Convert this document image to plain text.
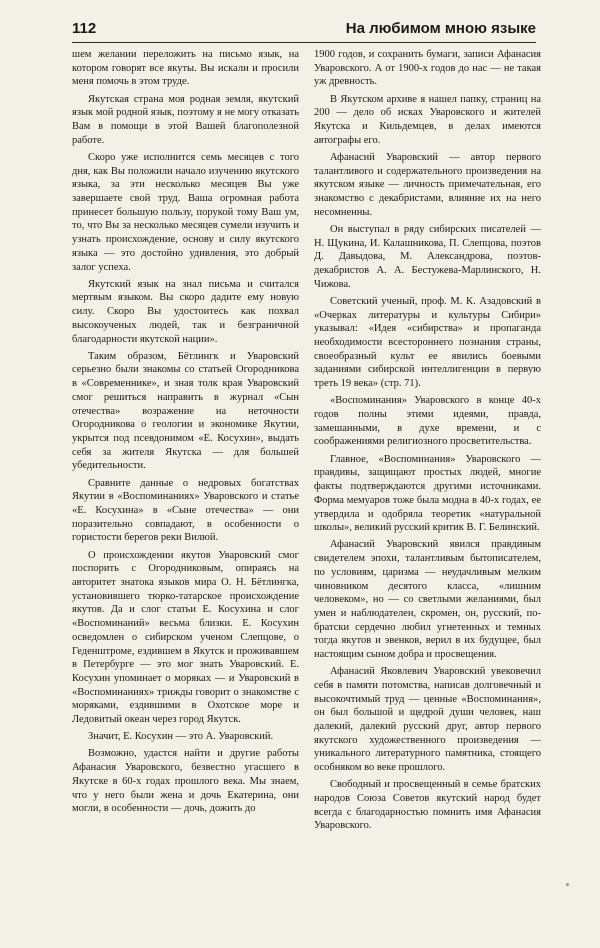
112	На любимом мною языке

шем желании переложить на письмо язык, на котором говорят все якуты. Вы искали и просили меня помочь в этом труде.

Якутская страна моя родная земля, якутский язык мой родной язык, поэтому я не могу отказать Вам в помощи в этой Вашей благополезной работе.

Скоро уже исполнится семь месяцев с того дня, как Вы положили начало изучению якутского языка, за эти несколько месяцев Вы уже завершаете свой труд. Ваша огромная работа принесет большую пользу, порукой тому Ваш ум, то, что Вы за несколько месяцев сумели изучить и узнать происхождение, основу и силу якутского языка — это достойно удивления, это добрый залог успеха.

Якутский язык на знал письма и считался мертвым языком. Вы скоро дадите ему новую силу. Скоро Вы удостоитесь как похвал высокоученых людей, так и безграничной благодарности якутской нации».

Таким образом, Бётлингк и Уваровский серьезно были знакомы со статьей Огородникова в «Современнике», и зная толк края Уваровский смог решиться направить в журнал «Сын отечества» возражение на неточности Огородникова о геологии и экономике Якутии, укрытся под псевдонимом «Е. Косухин», выдать себя за жителя Якутска — для большей убедительности.

Сравните данные о недровых богатствах Якутии в «Воспоминаниях» Уваровского и статье «Е. Косухина» в «Сыне отечества» — они поразительно совпадают, в особенности о гористости берегов реки Вилюй.

О происхождении якутов Уваровский смог поспорить с Огородниковым, опираясь на авторитет знатока языков мира О. Н. Бётлингка, установившего тюрко-татарское происхождение якутов. Да и слог статьи Е. Косухина и слог «Воспоминаний» весьма близки. Е. Косухин осведомлен о сибирском ученом Слепцове, о Геденштроме, ездившем в Якутск и проживавшем в Петербурге — это мог знать Уваровский. Е. Косухин упоминает о моряках — и Уваровский в «Воспоминаниях» трижды говорит о знакомстве с моряками, ездившими в Охотское море и Ледовитый океан через город Якутск.

Значит, Е. Косухин — это А. Уваровский.

Возможно, удастся найти и другие работы Афанасия Уваровского, безвестно угасшего в Якутске в 60-х годах прошлого века. Мы знаем, что у него были жена и дочь Екатерина, они могли, в особенности — дочь, дожить до

1900 годов, и сохранить бумаги, записи Афанасия Уваровского. А от 1900-х годов до нас — не такая уж древность.

В Якутском архиве я нашел папку, страниц на 200 — дело об исках Уваровского и жителей Якутска и Кильдемцев, в делах имеются автографы его.

Афанасий Уваровский — автор первого талантливого и содержательного произведения на якутском языке — личность примечательная, его знакомство с декабристами, влияние их на него несомненны.

Он выступал в ряду сибирских писателей — Н. Щукина, И. Калашникова, П. Слепцова, поэтов Д. Давыдова, М. Александрова, поэтов-декабристов А. А. Бестужева-Марлинского, Н. Чижова.

Советский ученый, проф. М. К. Азадовский в «Очерках литературы и культуры Сибири» указывал: «Идея «сибирства» и пропаганда необходимости всестороннего познания страны, своеобразный культ ее явились боевыми заданиями сибирской интеллигенции в первую треть 19 века» (стр. 71).

«Воспоминания» Уваровского в конце 40-х годов полны этими идеями, правда, замешанными, в духе времени, и с соображениями религиозного просветительства.

Главное, «Воспоминания» Уваровского — правдивы, защищают простых людей, многие факты подтверждаются другими источниками. Форма мемуаров тоже была модна в 40-х годах, ее утвердила и одобряла теоретик «натуральной школы», великий русский критик В. Г. Белинский.

Афанасий Уваровский явился правдивым свидетелем эпохи, талантливым бытописателем, по условиям, царизма — неудачливым мелким чиновником десятого класса, «лишним человеком», но — со светлыми желаниями, был умен и наблюдателен, скромен, он, русский, по-братски сердечно любил угнетенных и темных тогда якутов и эвенков, верил в их будущее, был настоящим сыном добра и просвещения.

Афанасий Яковлевич Уваровский увековечил себя в памяти потомства, написав долговечный и высокочтимый труд — ценные «Воспоминания», он был большой и щедрой души человек, наш далекий, далекий русский друг, автор первого якутского художественного произведения — уникального литературного памятника, стоящего особняком во веке прошлого.

Свободный и просвещенный в семье братских народов Союза Советов якутский народ будет всегда с благодарностью помнить имя Афанасия Уваровского.
